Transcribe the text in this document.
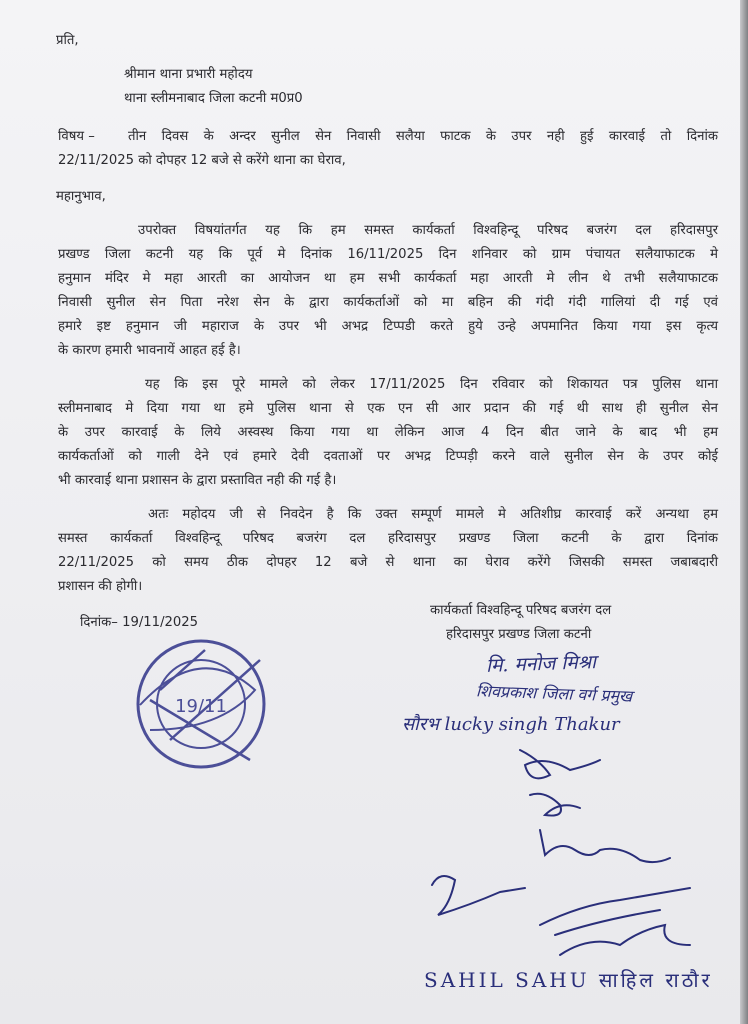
प्रति,
श्रीमान थाना प्रभारी महोदय
थाना स्लीमनाबाद जिला कटनी म0प्र0
विषय –	तीन दिवस के अन्दर सुनील सेन निवासी सलैया फाटक के उपर नही हुई कारवाई तो दिनांक
22/11/2025 को दोपहर 12 बजे से करेंगे थाना का घेराव,
महानुभाव,
उपरोक्त विषयांतर्गत यह कि हम समस्त कार्यकर्ता विश्वहिन्दू परिषद बजरंग दल हरिदासपुर
प्रखण्ड जिला कटनी यह कि पूर्व मे दिनांक 16/11/2025 दिन शनिवार को ग्राम पंचायत सलैयाफाटक मे
हनुमान मंदिर मे महा आरती का आयोजन था हम सभी कार्यकर्ता महा आरती मे लीन थे तभी सलैयाफाटक
निवासी सुनील सेन पिता नरेश सेन के द्वारा कार्यकर्ताओं को मा बहिन की गंदी गंदी गालियां दी गई एवं
हमारे इष्ट हनुमान जी महाराज के उपर भी अभद्र टिप्पडी करते हुये उन्हे अपमानित किया गया इस कृत्य
के कारण हमारी भावनायें आहत हई है।
यह कि इस पूरे मामले को लेकर 17/11/2025 दिन रविवार को शिकायत पत्र पुलिस थाना
स्लीमनाबाद मे दिया गया था हमे पुलिस थाना से एक एन सी आर प्रदान की गई थी साथ ही सुनील सेन
के उपर कारवाई के लिये अस्वस्थ किया गया था लेकिन आज 4 दिन बीत जाने के बाद भी हम
कार्यकर्ताओं को गाली देने एवं हमारे देवी दवताओं पर अभद्र टिप्पड़ी करने वाले सुनील सेन के उपर कोई
भी कारवाई थाना प्रशासन के द्वारा प्रस्तावित नही की गई है।
अतः महोदय जी से निवदेन है कि उक्त सम्पूर्ण मामले मे अतिशीघ्र कारवाई करें अन्यथा हम
समस्त कार्यकर्ता विश्वहिन्दू परिषद बजरंग दल हरिदासपुर प्रखण्ड जिला कटनी के द्वारा दिनांक
22/11/2025 को समय ठीक दोपहर 12 बजे से थाना का घेराव करेंगे जिसकी समस्त जबाबदारी
प्रशासन की होगी।
दिनांक– 19/11/2025
कार्यकर्ता विश्वहिन्दू परिषद बजरंग दल
हरिदासपुर प्रखण्ड जिला कटनी
मि. मनोज मिश्रा
शिवप्रकाश जिला वर्ग प्रमुख
सौरभ lucky singh Thakur
SAHIL SAHU साहिल राठौर
19/11
